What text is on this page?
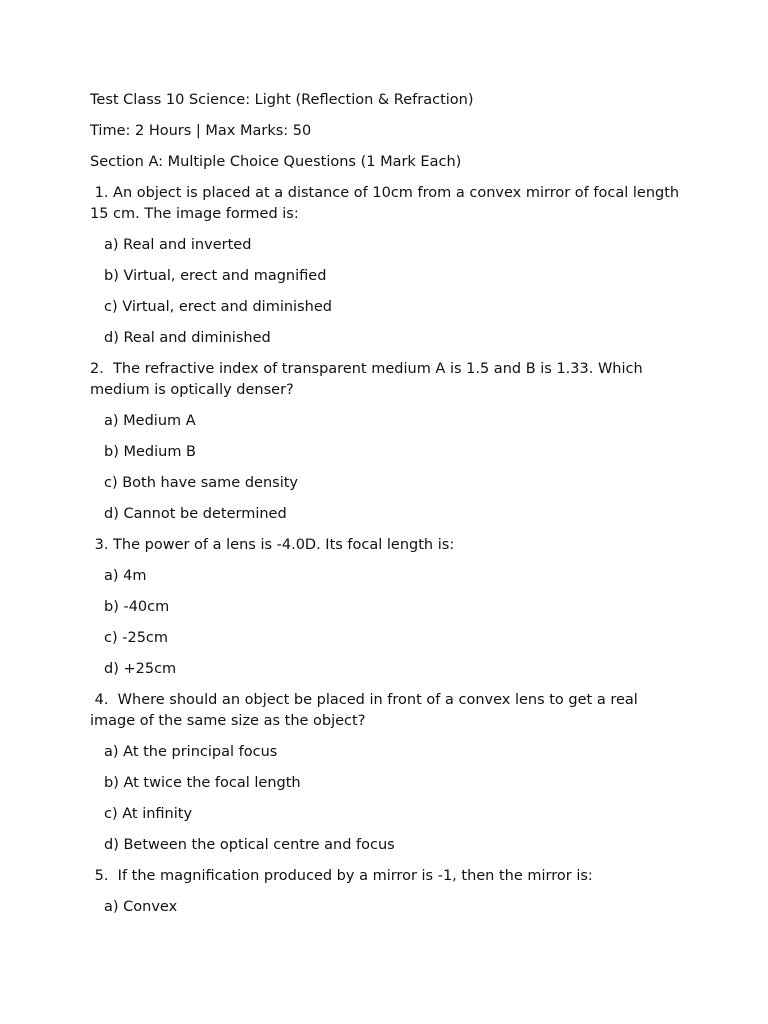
Test Class 10 Science: Light (Reflection & Refraction)
Time: 2 Hours | Max Marks: 50
Section A: Multiple Choice Questions (1 Mark Each)
1. An object is placed at a distance of 10cm from a convex mirror of focal length 15 cm. The image formed is:
a) Real and inverted
b) Virtual, erect and magnified
c) Virtual, erect and diminished
d) Real and diminished
2.  The refractive index of transparent medium A is 1.5 and B is 1.33. Which medium is optically denser?
a) Medium A
b) Medium B
c) Both have same density
d) Cannot be determined
3. The power of a lens is -4.0D. Its focal length is:
a) 4m
b) -40cm
c) -25cm
d) +25cm
4.  Where should an object be placed in front of a convex lens to get a real image of the same size as the object?
a) At the principal focus
b) At twice the focal length
c) At infinity
d) Between the optical centre and focus
5.  If the magnification produced by a mirror is -1, then the mirror is:
a) Convex
